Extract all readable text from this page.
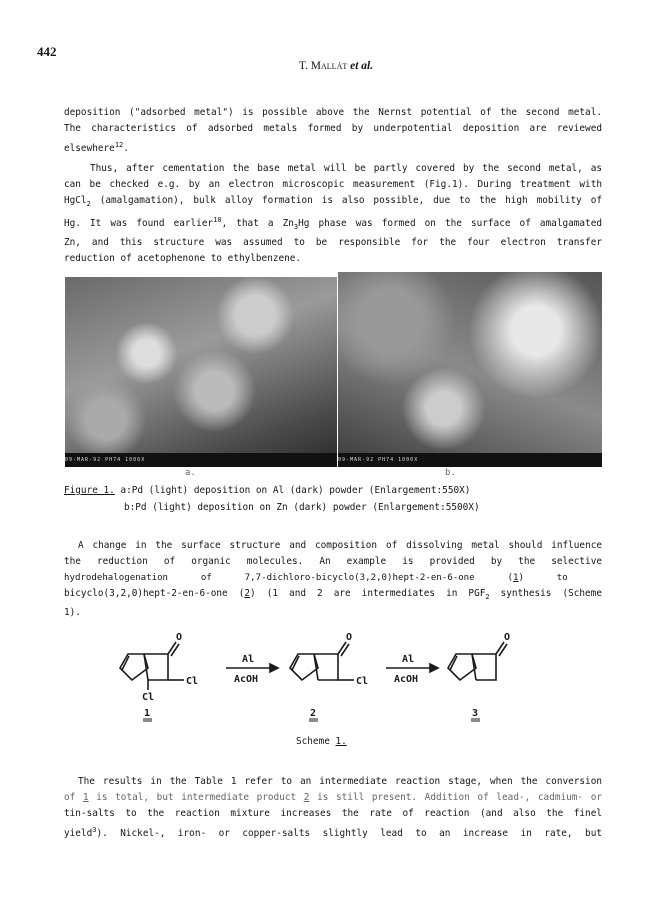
442
T. Mallát et al.
deposition ("adsorbed metal") is possible above the Nernst potential of the second metal.
The characteristics of adsorbed metals formed by underpotential deposition are reviewed
elsewhere$^{12}$.
Thus, after cementation the base metal will be partly covered by the second metal, as
can be checked e.g. by an electron microscopic measurement (Fig.1). During treatment with
HgCl$_2$ (amalgamation), bulk alloy formation is also possible, due to the high mobility of
Hg. It was found earlier$^{10}$, that a $Zn_3Hg$ phase was formed on the surface of amalgamated
Zn, and this structure was assumed to be responsible for the four electron transfer
reduction of acetophenone to ethylbenzene.
09-MAR-92 PH74 1000X	09-MAR-92 PH74 1000X
a.	b.
Figure 1. a:Pd (light) deposition on Al (dark) powder (Enlargement:550X)
b:Pd (light) deposition on Zn (dark) powder (Enlargement:5500X)
A change in the surface structure and composition of dissolving metal should influence
the reduction of organic molecules. An example is provided by the selective
hydrodehalogenation      of      7,7-dichloro-bicyclo(3,2,0)hept-2-en-6-one      (1)      to
bicyclo(3,2,0)hept-2-en-6-one (2) (1 and 2 are intermediates in $PGF_2$ synthesis (Scheme
1).
O
Cl
Cl
Al
AcOH
O
Cl
Al
AcOH
O
1	2	3
Scheme 1.
The results in the Table 1 refer to an intermediate reaction stage, when the conversion
of 1 is total, but intermediate product 2 is still present. Addition of lead-, cadmium- or
tin-salts to the reaction mixture increases the rate of reaction (and also the finel
yield$^3$). Nickel-, iron- or copper-salts slightly lead to an increase in rate, but
